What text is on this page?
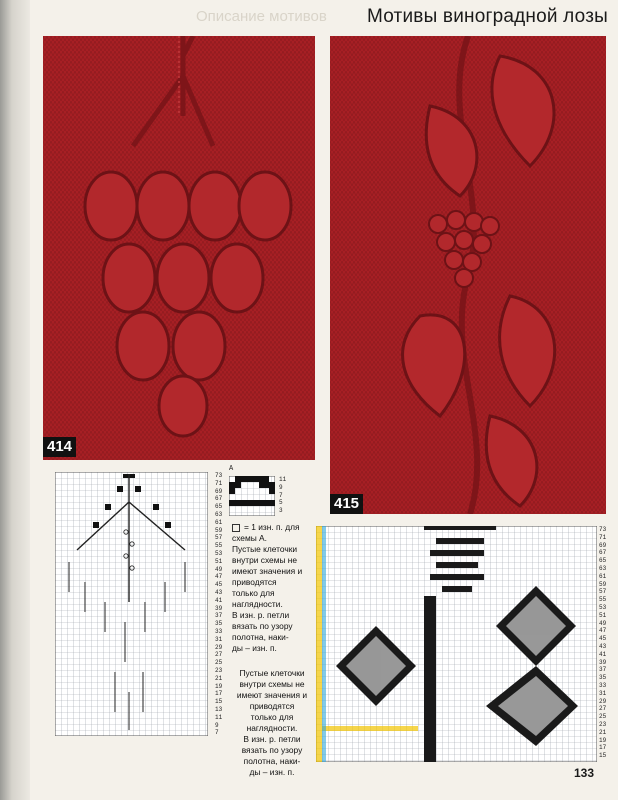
Описание мотивов	Мотивы виноградной лозы
414
415
73
71
69
67
65
63
61
59
57
55
53
51
49
47
45
43
41
39
37
35
33
31
29
27
25
23
21
19
17
15
13
11
9
7
A
11
9
7
5
3
= 1 изн. п. для схемы А.
Пустые клеточки
внутри схемы не
имеют значения и
приводятся
только для
наглядности.
В изн. р. петли
вязать по узору
полотна, наки-
ды – изн. п.
Пустые клеточки
внутри схемы не
имеют значения и
приводятся
только для
наглядности.
В изн. р. петли
вязать по узору
полотна, наки-
ды – изн. п.
73
71
69
67
65
63
61
59
57
55
53
51
49
47
45
43
41
39
37
35
33
31
29
27
25
23
21
19
17
15
133
